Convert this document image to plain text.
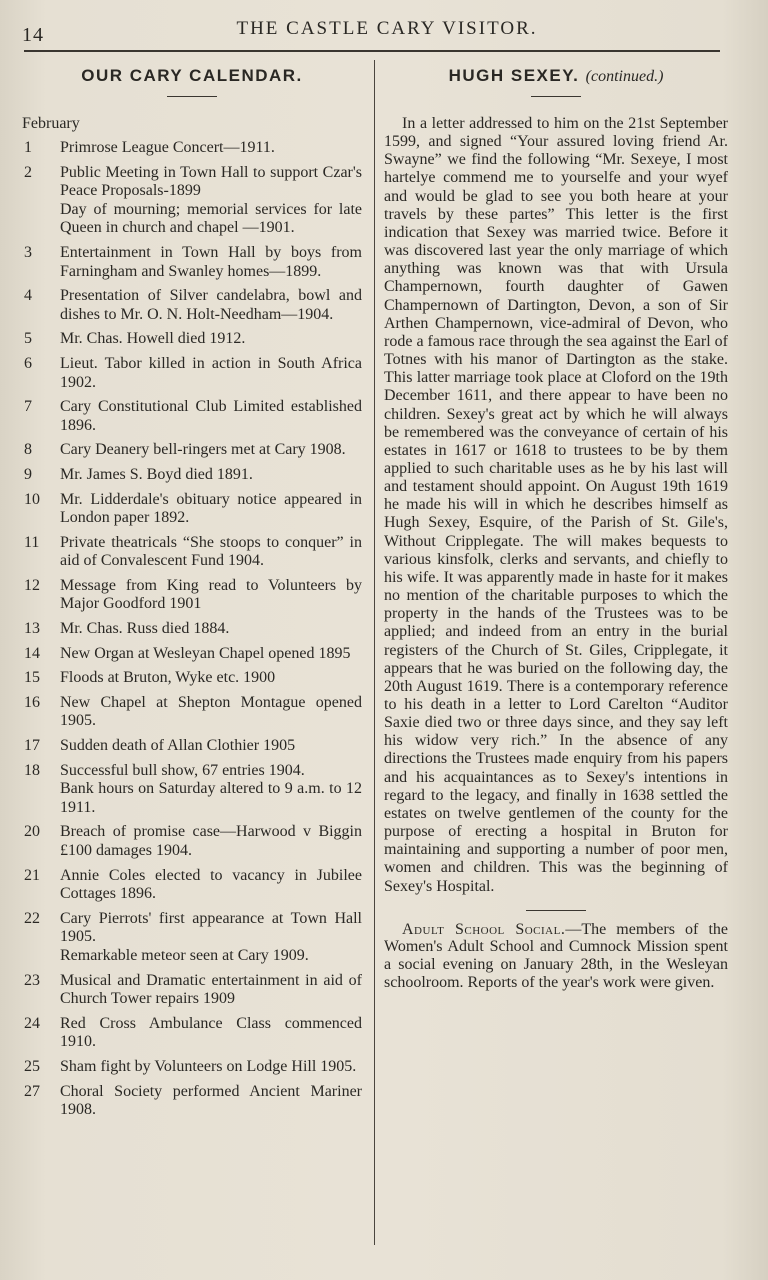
14	THE CASTLE CARY VISITOR.
OUR CARY CALENDAR.
February
1	Primrose League Concert—1911.
2	Public Meeting in Town Hall to support Czar's Peace Proposals-1899
Day of mourning; memorial services for late Queen in church and chapel —1901.
3	Entertainment in Town Hall by boys from Farningham and Swanley homes—1899.
4	Presentation of Silver candelabra, bowl and dishes to Mr. O. N. Holt-Needham—1904.
5	Mr. Chas. Howell died 1912.
6	Lieut. Tabor killed in action in South Africa 1902.
7	Cary Constitutional Club Limited established 1896.
8	Cary Deanery bell-ringers met at Cary 1908.
9	Mr. James S. Boyd died 1891.
10	Mr. Lidderdale's obituary notice appeared in London paper 1892.
11	Private theatricals “She stoops to conquer” in aid of Convalescent Fund 1904.
12	Message from King read to Volunteers by Major Goodford 1901
13	Mr. Chas. Russ died 1884.
14	New Organ at Wesleyan Chapel opened 1895
15	Floods at Bruton, Wyke etc. 1900
16	New Chapel at Shepton Montague opened 1905.
17	Sudden death of Allan Clothier 1905
18	Successful bull show, 67 entries 1904.
Bank hours on Saturday altered to 9 a.m. to 12 1911.
20	Breach of promise case—Harwood v Biggin £100 damages 1904.
21	Annie Coles elected to vacancy in Jubilee Cottages 1896.
22	Cary Pierrots' first appearance at Town Hall 1905.
Remarkable meteor seen at Cary 1909.
23	Musical and Dramatic entertainment in aid of Church Tower repairs 1909
24	Red Cross Ambulance Class commenced 1910.
25	Sham fight by Volunteers on Lodge Hill 1905.
27	Choral Society performed Ancient Mariner 1908.
HUGH SEXEY. (continued.)
In a letter addressed to him on the 21st September 1599, and signed “Your assured loving friend Ar. Swayne” we find the following “Mr. Sexeye, I most hartelye commend me to yourselfe and your wyef and would be glad to see you both heare at your travels by these partes” This letter is the first indication that Sexey was married twice. Before it was discovered last year the only marriage of which anything was known was that with Ursula Champernown, fourth daughter of Gawen Champernown of Dartington, Devon, a son of Sir Arthen Champernown, vice-admiral of Devon, who rode a famous race through the sea against the Earl of Totnes with his manor of Dartington as the stake. This latter marriage took place at Cloford on the 19th December 1611, and there appear to have been no children. Sexey's great act by which he will always be remembered was the conveyance of certain of his estates in 1617 or 1618 to trustees to be by them applied to such charitable uses as he by his last will and testament should appoint. On August 19th 1619 he made his will in which he describes himself as Hugh Sexey, Esquire, of the Parish of St. Gile's, Without Cripplegate. The will makes bequests to various kinsfolk, clerks and servants, and chiefly to his wife. It was apparently made in haste for it makes no mention of the charitable purposes to which the property in the hands of the Trustees was to be applied; and indeed from an entry in the burial registers of the Church of St. Giles, Cripplegate, it appears that he was buried on the following day, the 20th August 1619. There is a contemporary reference to his death in a letter to Lord Carelton “Auditor Saxie died two or three days since, and they say left his widow very rich.” In the absence of any directions the Trustees made enquiry from his papers and his acquaintances as to Sexey's intentions in regard to the legacy, and finally in 1638 settled the estates on twelve gentlemen of the county for the purpose of erecting a hospital in Bruton for maintaining and supporting a number of poor men, women and children. This was the beginning of Sexey's Hospital.
Adult School Social.—The members of the Women's Adult School and Cumnock Mission spent a social evening on January 28th, in the Wesleyan schoolroom. Reports of the year's work were given.
